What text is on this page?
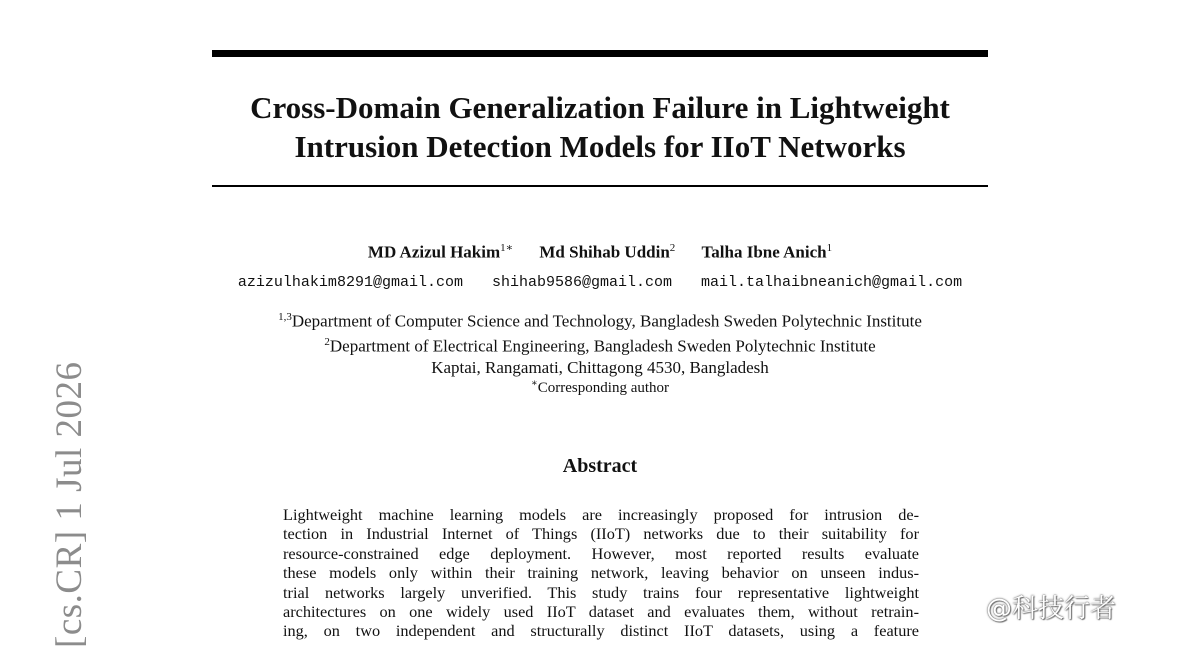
Cross-Domain Generalization Failure in Lightweight
Intrusion Detection Models for IIoT Networks
MD Azizul Hakim$^{1∗}$ Md Shihab Uddin$^2$ Talha Ibne Anich$^1$
azizulhakim8291@gmail.com shihab9586@gmail.com mail.talhaibneanich@gmail.com
$^{1,3}$Department of Computer Science and Technology, Bangladesh Sweden Polytechnic Institute
$^2$Department of Electrical Engineering, Bangladesh Sweden Polytechnic Institute
Kaptai, Rangamati, Chittagong 4530, Bangladesh
∗Corresponding author
Abstract
Lightweight machine learning models are increasingly proposed for intrusion de-
tection in Industrial Internet of Things (IIoT) networks due to their suitability for
resource-constrained edge deployment. However, most reported results evaluate
these models only within their training network, leaving behavior on unseen indus-
trial networks largely unverified. This study trains four representative lightweight
architectures on one widely used IIoT dataset and evaluates them, without retrain-
ing, on two independent and structurally distinct IIoT datasets, using a feature
[cs.CR] 1 Jul 2026	@科技行者
